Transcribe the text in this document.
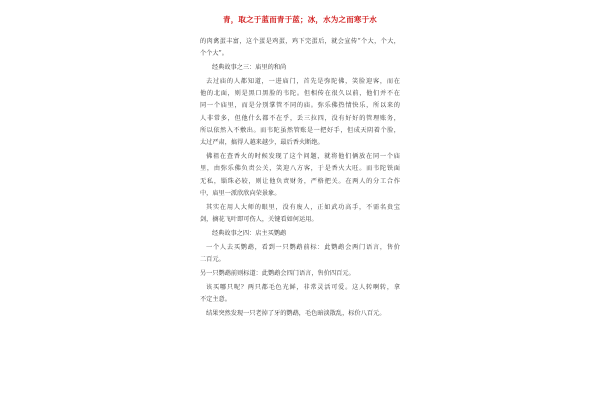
青，取之于蓝而青于蓝；冰，水为之而寒于水
的肉禽蛋丰富，这个蛋是鸡蛋，鸡下完蛋后，就会宣传“个大，个大，
个个大”。
经典故事之三：庙里的和尚
去过庙的人都知道，一进庙门，首先是弥陀佛，笑脸迎客，而在
他的北面，则是黑口黑脸的韦陀。但相传在很久以前，他们并不在
同一个庙里，而是分别掌管不同的庙。弥乐佛热情快乐，所以来的
人非常多，但他什么都不在乎，丢三拉四，没有好好的管理账务，
所以依然入不敷出。而韦陀虽然管账是一把好手，但成天阴着个脸，
太过严肃，搞得人越来越少，最后香火断绝。
佛祖在查香火的时候发现了这个问题，就将他们俩放在同一个庙
里，由弥乐佛负责公关，笑迎八方客，于是香火大旺。而韦陀铁面
无私，锱珠必较，则让他负责财务，严格把关。在两人的分工合作
中，庙里一派欣欣向荣景象。
其实在用人大师的眼里，没有废人，正如武功高手，不需名贵宝
剑，摘花飞叶即可伤人，关键看如何运用。
经典故事之四：店主买鹦鹉
一个人去买鹦鹉，看到一只鹦鹉前标：此鹦鹉会两门语言，售价
二百元。
另一只鹦鹉前则标道：此鹦鹉会四门语言，售价四百元。
该买哪只呢？两只都毛色光鲜，非常灵活可爱。这人转啊转，拿
不定主意。
结果突然发现一只老掉了牙的鹦鹉，毛色暗淡散乱，标价八百元。
